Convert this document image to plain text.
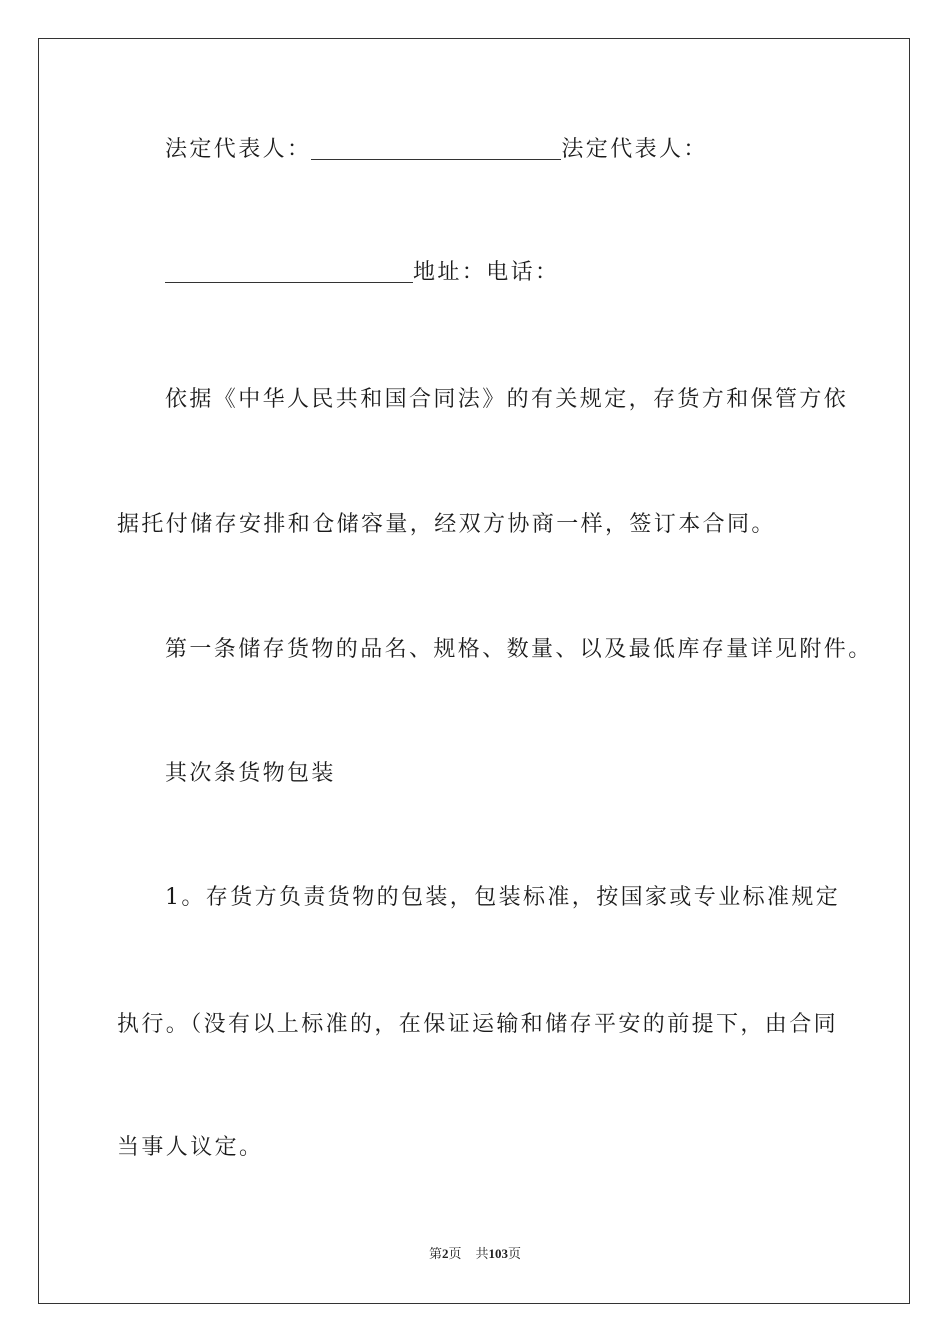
法定代表人：	法定代表人：
地址：电话：
依据《中华人民共和国合同法》的有关规定，存货方和保管方依
据托付储存安排和仓储容量，经双方协商一样，签订本合同。
第一条储存货物的品名、规格、数量、以及最低库存量详见附件。
其次条货物包装
1。存货方负责货物的包装，包装标准，按国家或专业标准规定
执行。（没有以上标准的，在保证运输和储存平安的前提下，由合同
当事人议定。
第2页 共103页
